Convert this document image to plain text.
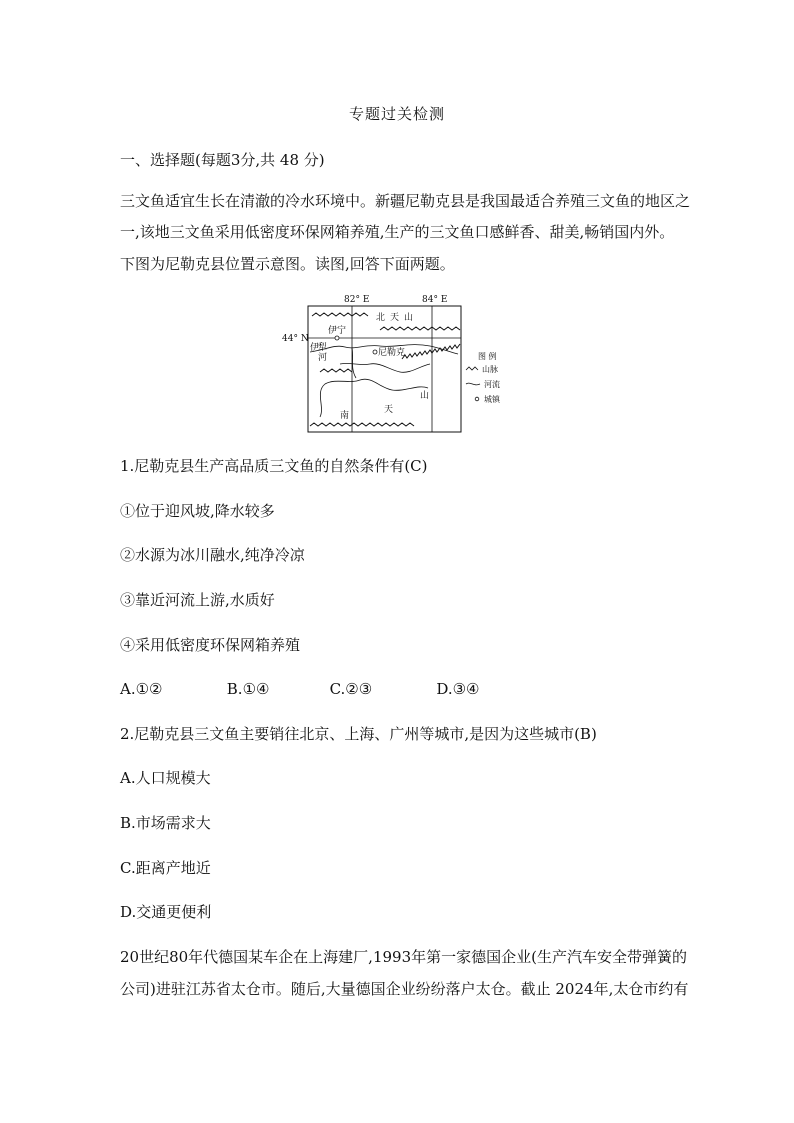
专题过关检测
一、选择题(每题3分,共 48 分)
三文鱼适宜生长在清澈的冷水环境中。新疆尼勒克县是我国最适合养殖三文鱼的地区之
一,该地三文鱼采用低密度环保网箱养殖,生产的三文鱼口感鲜香、甜美,畅销国内外。
下图为尼勒克县位置示意图。读图,回答下面两题。
82° E	84° E
44° N
北 天 山
伊宁
尼勒克
伊
犁
河
南
天
山
图 例
山脉
河流
城镇
1.尼勒克县生产高品质三文鱼的自然条件有(C)
①位于迎风坡,降水较多
②水源为冰川融水,纯净冷凉
③靠近河流上游,水质好
④采用低密度环保网箱养殖
A.①②	B.①④	C.②③	D.③④
2.尼勒克县三文鱼主要销往北京、上海、广州等城市,是因为这些城市(B)
A.人口规模大
B.市场需求大
C.距离产地近
D.交通更便利
20世纪80年代德国某车企在上海建厂,1993年第一家德国企业(生产汽车安全带弹簧的
公司)进驻江苏省太仓市。随后,大量德国企业纷纷落户太仓。截止 2024年,太仓市约有
